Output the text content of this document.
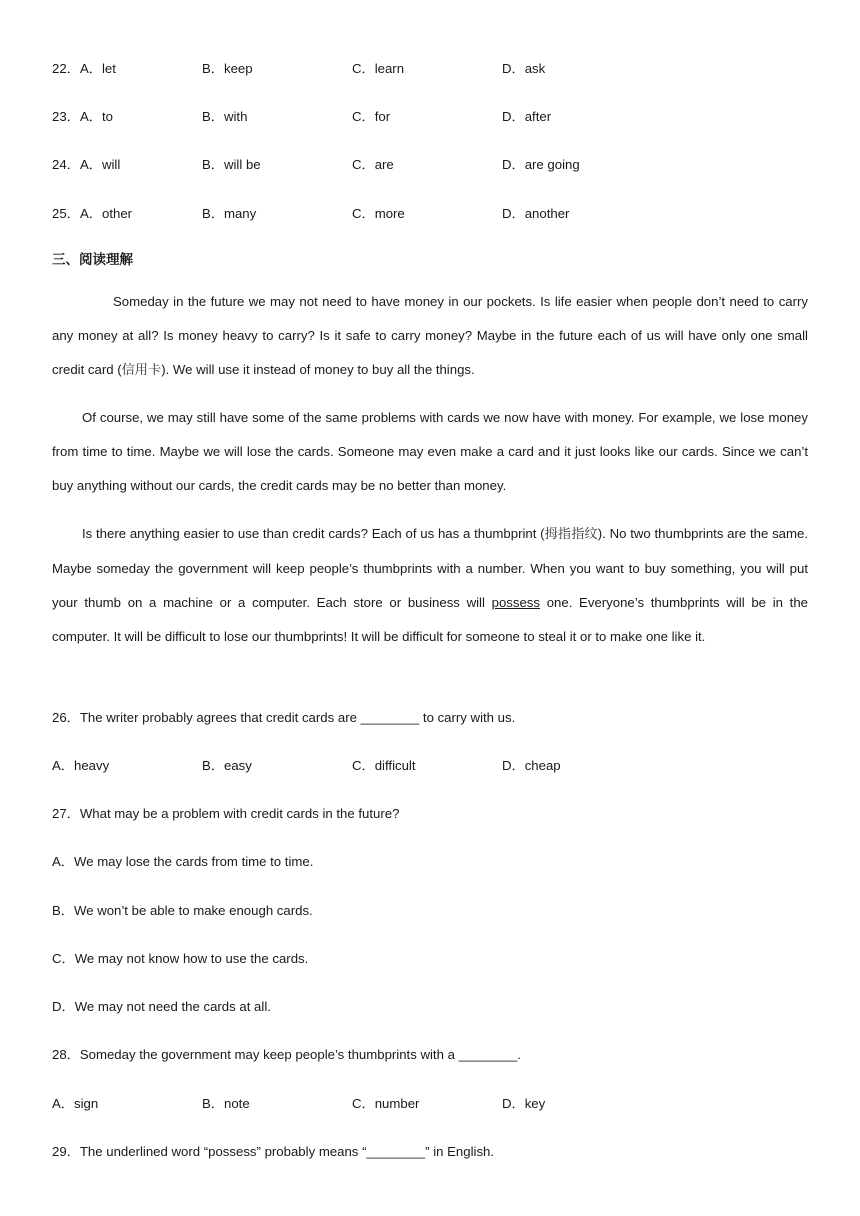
22． A．let	B．keep	C．learn	D．ask
23． A．to	B．with	C．for	D．after
24． A．will	B．will be	C．are	D．are going
25． A．other	B．many	C．more	D．another
三、阅读理解

Someday in the future we may not need to have money in our pockets. Is life easier when people don’t need to carry any money at all? Is money heavy to carry? Is it safe to carry money? Maybe in the future each of us will have only one small credit card (信用卡). We will use it instead of money to buy all the things.

Of course, we may still have some of the same problems with cards we now have with money. For example, we lose money from time to time. Maybe we will lose the cards. Someone may even make a card and it just looks like our cards. Since we can’t buy anything without our cards, the credit cards may be no better than money.

Is there anything easier to use than credit cards? Each of us has a thumbprint (拇指指纹). No two thumbprints are the same. Maybe someday the government will keep people’s thumbprints with a number. When you want to buy something, you will put your thumb on a machine or a computer. Each store or business will possess one. Everyone’s thumbprints will be in the computer. It will be difficult to lose our thumbprints! It will be difficult for someone to steal it or to make one like it.

26．The writer probably agrees that credit cards are ________ to carry with us.
A．heavy	B．easy	C．difficult	D．cheap
27．What may be a problem with credit cards in the future?
A．We may lose the cards from time to time.
B．We won’t be able to make enough cards.
C．We may not know how to use the cards.
D．We may not need the cards at all.
28．Someday the government may keep people’s thumbprints with a ________.
A．sign	B．note	C．number	D．key
29．The underlined word “possess” probably means “________” in English.
